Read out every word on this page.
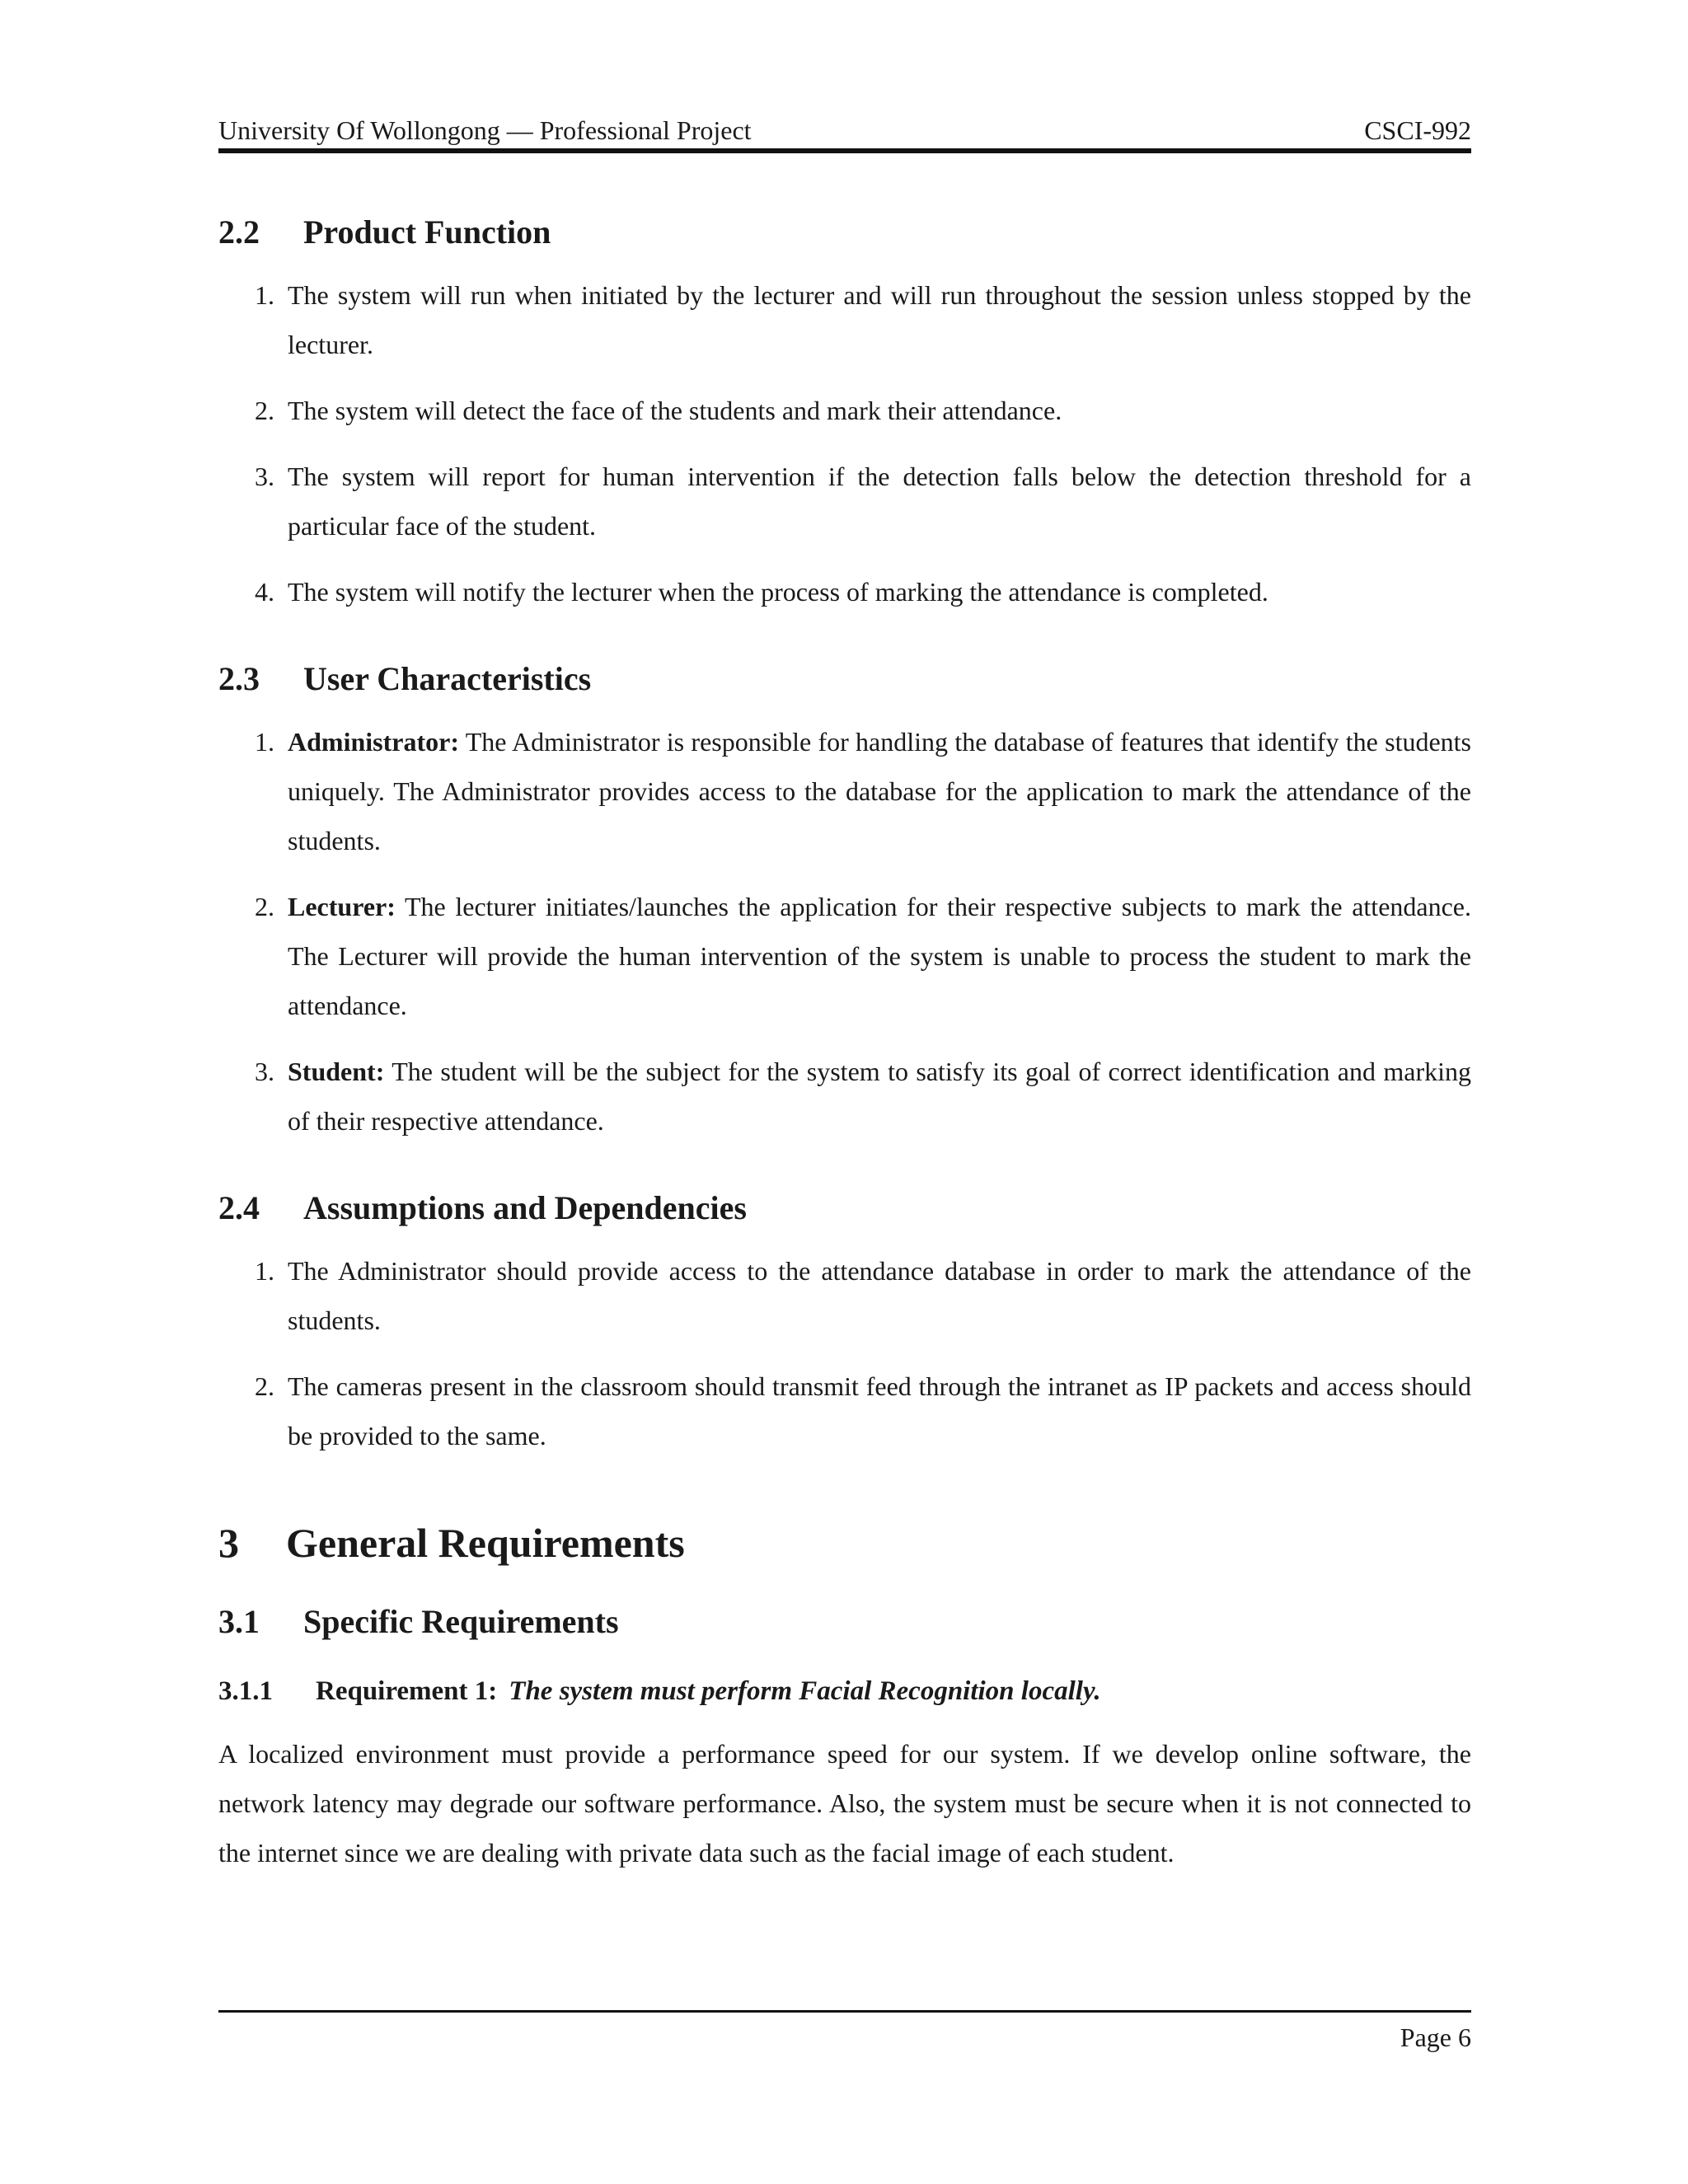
University Of Wollongong — Professional Project	CSCI-992
2.2	Product Function
1. The system will run when initiated by the lecturer and will run throughout the session unless stopped by the lecturer.
2. The system will detect the face of the students and mark their attendance.
3. The system will report for human intervention if the detection falls below the detection threshold for a particular face of the student.
4. The system will notify the lecturer when the process of marking the attendance is completed.
2.3	User Characteristics
1. Administrator: The Administrator is responsible for handling the database of features that identify the students uniquely. The Administrator provides access to the database for the application to mark the attendance of the students.
2. Lecturer: The lecturer initiates/launches the application for their respective subjects to mark the attendance. The Lecturer will provide the human intervention of the system is unable to process the student to mark the attendance.
3. Student: The student will be the subject for the system to satisfy its goal of correct identification and marking of their respective attendance.
2.4	Assumptions and Dependencies
1. The Administrator should provide access to the attendance database in order to mark the attendance of the students.
2. The cameras present in the classroom should transmit feed through the intranet as IP packets and access should be provided to the same.
3	General Requirements
3.1	Specific Requirements
3.1.1	Requirement 1: The system must perform Facial Recognition locally.

A localized environment must provide a performance speed for our system. If we develop online software, the network latency may degrade our software performance. Also, the system must be secure when it is not connected to the internet since we are dealing with private data such as the facial image of each student.

Page 6
